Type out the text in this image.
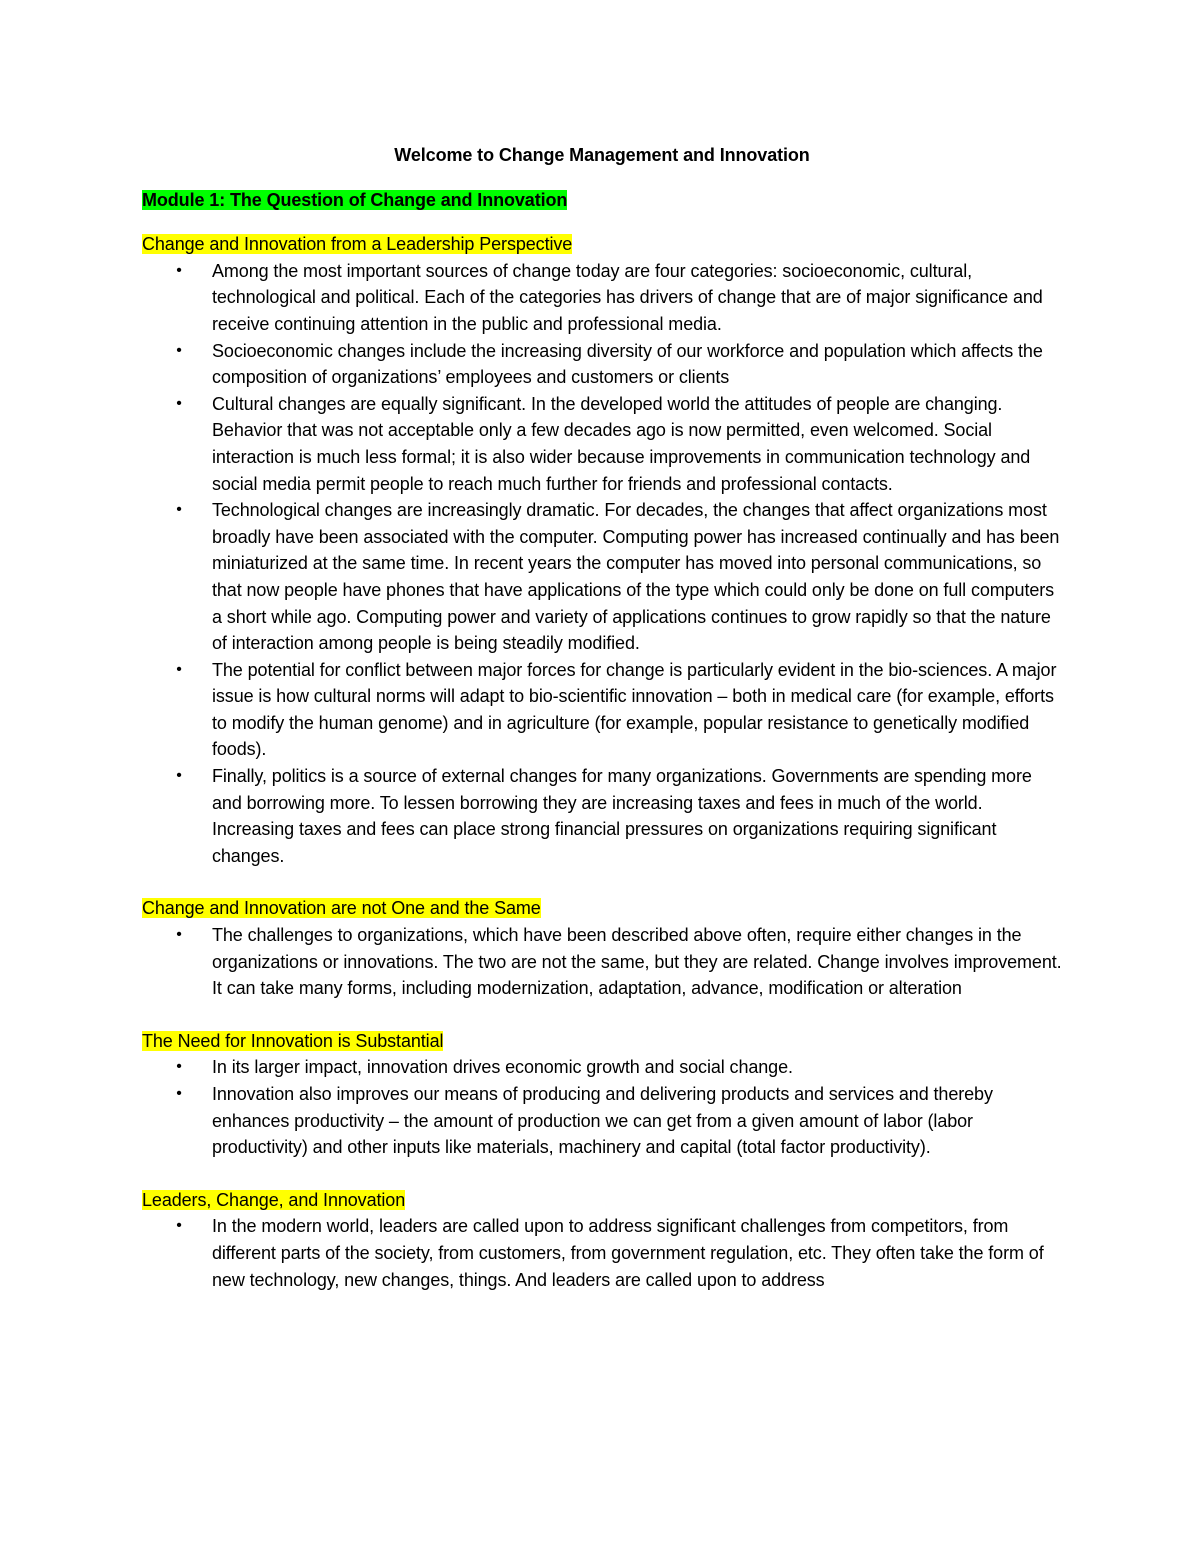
Welcome to Change Management and Innovation
Module 1: The Question of Change and Innovation
Change and Innovation from a Leadership Perspective
• Among the most important sources of change today are four categories: socioeconomic, cultural, technological and political. Each of the categories has drivers of change that are of major significance and receive continuing attention in the public and professional media.
• Socioeconomic changes include the increasing diversity of our workforce and population which affects the composition of organizations’ employees and customers or clients
• Cultural changes are equally significant. In the developed world the attitudes of people are changing. Behavior that was not acceptable only a few decades ago is now permitted, even welcomed. Social interaction is much less formal; it is also wider because improvements in communication technology and social media permit people to reach much further for friends and professional contacts.
• Technological changes are increasingly dramatic. For decades, the changes that affect organizations most broadly have been associated with the computer. Computing power has increased continually and has been miniaturized at the same time. In recent years the computer has moved into personal communications, so that now people have phones that have applications of the type which could only be done on full computers a short while ago. Computing power and variety of applications continues to grow rapidly so that the nature of interaction among people is being steadily modified.
• The potential for conflict between major forces for change is particularly evident in the bio-sciences. A major issue is how cultural norms will adapt to bio-scientific innovation – both in medical care (for example, efforts to modify the human genome) and in agriculture (for example, popular resistance to genetically modified foods).
• Finally, politics is a source of external changes for many organizations. Governments are spending more and borrowing more. To lessen borrowing they are increasing taxes and fees in much of the world. Increasing taxes and fees can place strong financial pressures on organizations requiring significant changes.
Change and Innovation are not One and the Same
• The challenges to organizations, which have been described above often, require either changes in the organizations or innovations. The two are not the same, but they are related. Change involves improvement. It can take many forms, including modernization, adaptation, advance, modification or alteration
The Need for Innovation is Substantial
• In its larger impact, innovation drives economic growth and social change.
• Innovation also improves our means of producing and delivering products and services and thereby enhances productivity – the amount of production we can get from a given amount of labor (labor productivity) and other inputs like materials, machinery and capital (total factor productivity).
Leaders, Change, and Innovation
• In the modern world, leaders are called upon to address significant challenges from competitors, from different parts of the society, from customers, from government regulation, etc. They often take the form of new technology, new changes, things. And leaders are called upon to address
